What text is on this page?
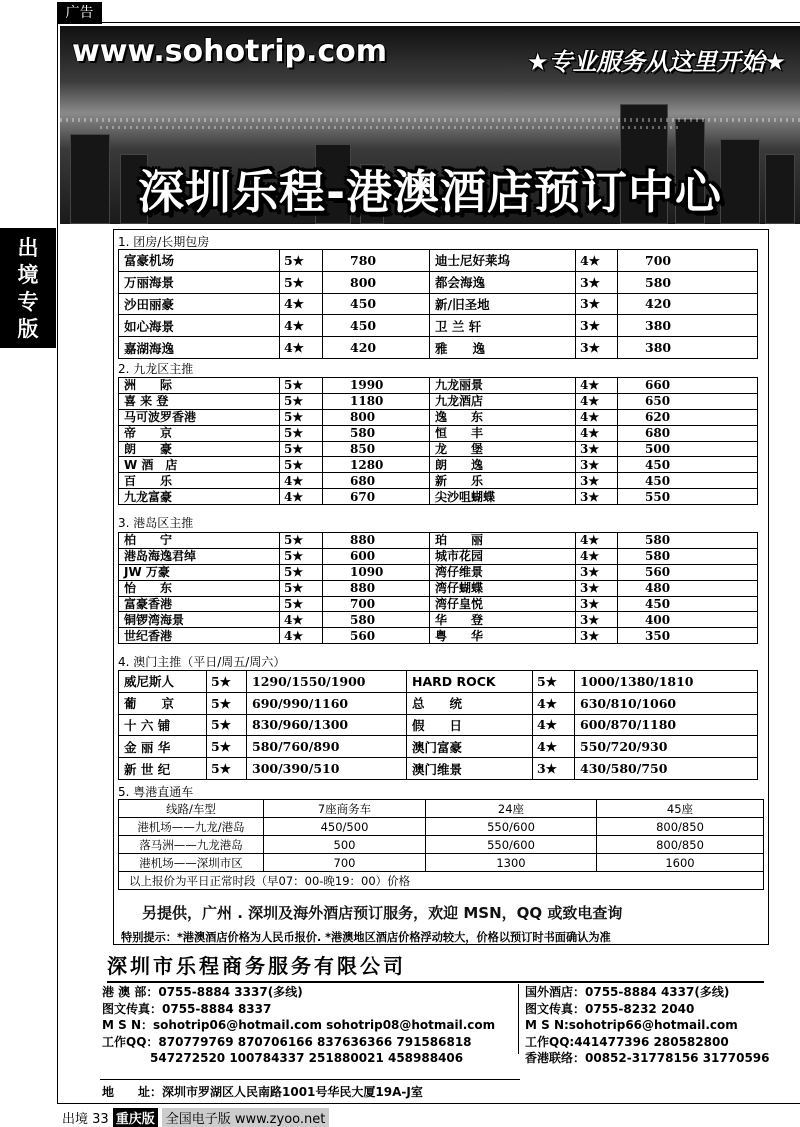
广告
出
境
专
版
www.sohotrip.com	★专业服务从这里开始★
深圳乐程-港澳酒店预订中心
1. 团房/长期包房
富豪机场	5★	780	迪士尼好莱坞	4★	700
万丽海景	5★	800	都会海逸	3★	580
沙田丽豪	4★	450	新/旧圣地	3★	420
如心海景	4★	450	卫 兰 轩	3★	380
嘉湖海逸	4★	420	雅　　逸	3★	380
2. 九龙区主推
洲　　际	5★	1990	九龙丽景	4★	660
喜 来 登	5★	1180	九龙酒店	4★	650
马可波罗香港	5★	800	逸　　东	4★	620
帝　　京	5★	580	恒　　丰	4★	680
朗　　豪	5★	850	龙　　堡	3★	500
W 酒　店	5★	1280	朗　　逸	3★	450
百　　乐	4★	680	新　　乐	3★	450
九龙富豪	4★	670	尖沙咀蝴蝶	3★	550
3. 港岛区主推
柏　　宁	5★	880	珀　　丽	4★	580
港岛海逸君绰	5★	600	城市花园	4★	580
JW 万豪	5★	1090	湾仔维景	3★	560
怡　　东	5★	880	湾仔蝴蝶	3★	480
富豪香港	5★	700	湾仔皇悦	3★	450
铜锣湾海景	4★	580	华　　登	3★	400
世纪香港	4★	560	粤　　华	3★	350
4. 澳门主推（平日/周五/周六）
威尼斯人	5★	1290/1550/1900	HARD ROCK	5★	1000/1380/1810
葡　　京	5★	690/990/1160	总　　统	4★	630/810/1060
十 六 铺	5★	830/960/1300	假　　日	4★	600/870/1180
金 丽 华	5★	580/760/890	澳门富豪	4★	550/720/930
新 世 纪	5★	300/390/510	澳门维景	3★	430/580/750
5. 粤港直通车
线路/车型	7座商务车	24座	45座
港机场——九龙/港岛	450/500	550/600	800/850
落马洲——九龙港岛	500	550/600	800/850
港机场——深圳市区	700	1300	1600
以上报价为平日正常时段（早07：00-晚19：00）价格			
另提供，广州 . 深圳及海外酒店预订服务，欢迎 MSN，QQ 或致电查询
特别提示：*港澳酒店价格为人民币报价. *港澳地区酒店价格浮动较大，价格以预订时书面确认为准
深圳市乐程商务服务有限公司
港 澳 部：0755-8884 3337(多线)
图文传真：0755-8884 8337
M S N：sohotrip06@hotmail.com sohotrip08@hotmail.com
工作QQ：870779769 870706166 837636366 791586818
　　　　547272520 100784337 251880021 458988406
国外酒店：0755-8884 4337(多线)
图文传真：0755-8232 2040
M S N:sohotrip66@hotmail.com
工作QQ:441477396 280582800
香港联络：00852-31778156 31770596
地　　址：深圳市罗湖区人民南路1001号华民大厦19A-J室
出境 33 重庆版 全国电子版 www.zyoo.net
